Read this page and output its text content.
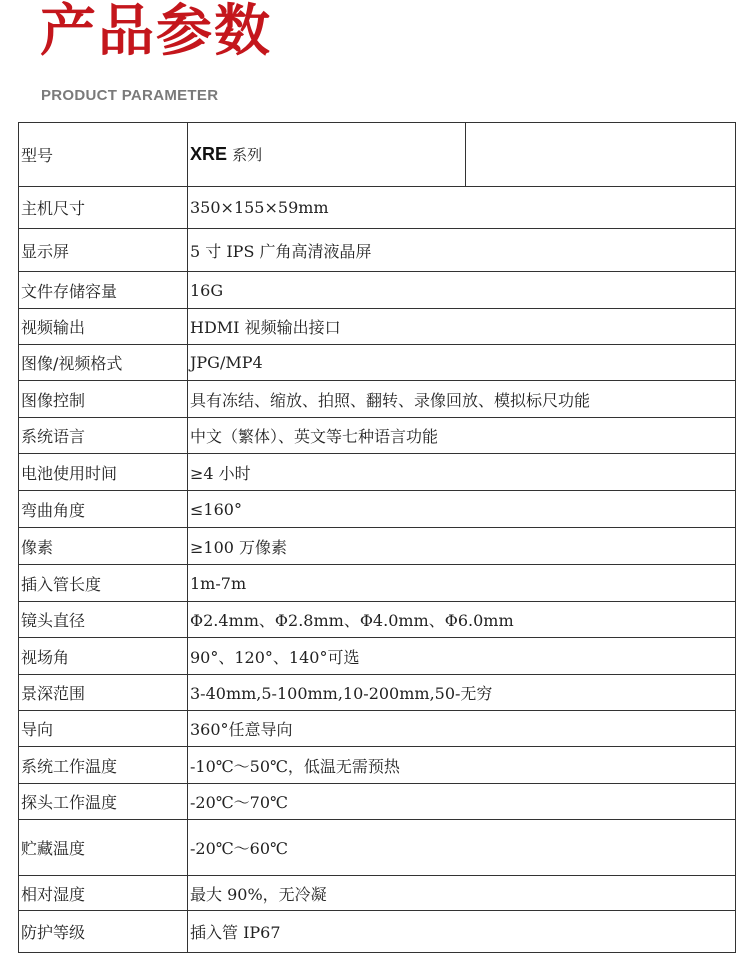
产品参数
PRODUCT PARAMETER
型号	XRE 系列	
主机尺寸	350×155×59mm	
显示屏	5 寸 IPS 广角高清液晶屏	
文件存储容量	16G	
视频输出	HDMI 视频输出接口	
图像/视频格式	JPG/MP4	
图像控制	具有冻结、缩放、拍照、翻转、录像回放、模拟标尺功能	
系统语言	中文（繁体）、英文等七种语言功能	
电池使用时间	≥4 小时	
弯曲角度	≤160°	
像素	≥100 万像素	
插入管长度	1m-7m	
镜头直径	Φ2.4mm、Φ2.8mm、Φ4.0mm、Φ6.0mm	
视场角	90°、120°、140°可选	
景深范围	3-40mm,5-100mm,10-200mm,50-无穷	
导向	360°任意导向	
系统工作温度	-10℃～50℃，低温无需预热	
探头工作温度	-20℃～70℃	
贮藏温度	-20℃～60℃	
相对湿度	最大 90%，无冷凝	
防护等级	插入管 IP67	
